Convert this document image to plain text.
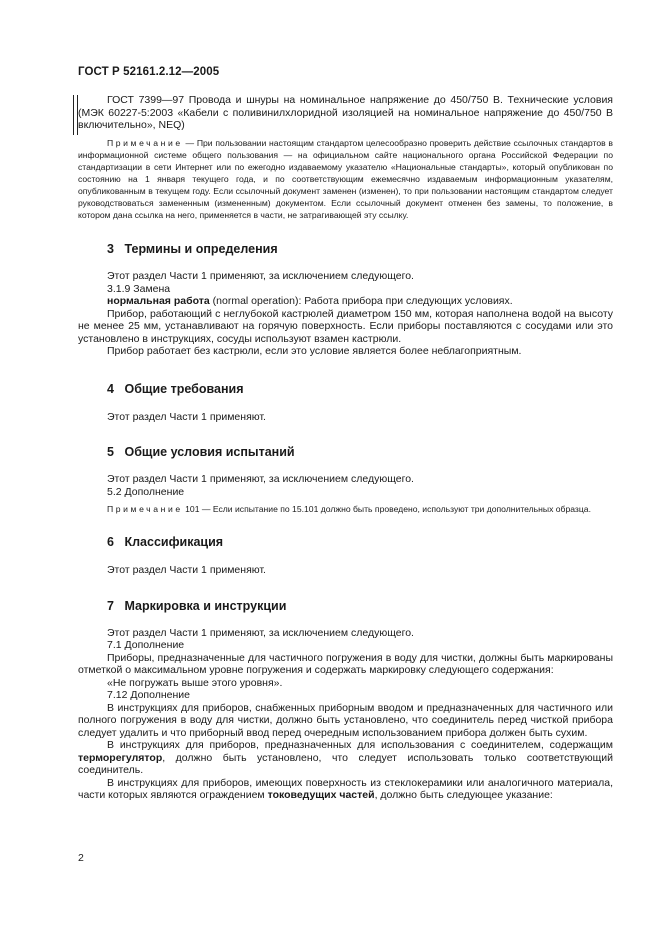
ГОСТ Р 52161.2.12—2005

ГОСТ 7399—97 Провода и шнуры на номинальное напряжение до 450/750 В. Технические условия (МЭК 60227-5:2003 «Кабели с поливинилхлоридной изоляцией на номинальное напряжение до 450/750 В включительно», NEQ)

Примечание — При пользовании настоящим стандартом целесообразно проверить действие ссылочных стандартов в информационной системе общего пользования — на официальном сайте национального органа Российской Федерации по стандартизации в сети Интернет или по ежегодно издаваемому указателю «Национальные стандарты», который опубликован по состоянию на 1 января текущего года, и по соответствующим ежемесячно издаваемым информационным указателям, опубликованным в текущем году. Если ссылочный документ заменен (изменен), то при пользовании настоящим стандартом следует руководствоваться замененным (измененным) документом. Если ссылочный документ отменен без замены, то положение, в котором дана ссылка на него, применяется в части, не затрагивающей эту ссылку.

3 Термины и определения

Этот раздел Части 1 применяют, за исключением следующего.

3.1.9 Замена

нормальная работа (normal operation): Работа прибора при следующих условиях.

Прибор, работающий с неглубокой кастрюлей диаметром 150 мм, которая наполнена водой на высоту не менее 25 мм, устанавливают на горячую поверхность. Если приборы поставляются с сосудами или это установлено в инструкциях, сосуды используют взамен кастрюли.

Прибор работает без кастрюли, если это условие является более неблагоприятным.

4 Общие требования

Этот раздел Части 1 применяют.

5 Общие условия испытаний

Этот раздел Части 1 применяют, за исключением следующего.

5.2 Дополнение

Примечание 101 — Если испытание по 15.101 должно быть проведено, используют три дополнительных образца.

6 Классификация

Этот раздел Части 1 применяют.

7 Маркировка и инструкции

Этот раздел Части 1 применяют, за исключением следующего.

7.1 Дополнение

Приборы, предназначенные для частичного погружения в воду для чистки, должны быть маркированы отметкой о максимальном уровне погружения и содержать маркировку следующего содержания:

«Не погружать выше этого уровня».

7.12 Дополнение

В инструкциях для приборов, снабженных приборным вводом и предназначенных для частичного или полного погружения в воду для чистки, должно быть установлено, что соединитель перед чисткой прибора следует удалить и что приборный ввод перед очередным использованием прибора должен быть сухим.

В инструкциях для приборов, предназначенных для использования с соединителем, содержащим терморегулятор, должно быть установлено, что следует использовать только соответствующий соединитель.

В инструкциях для приборов, имеющих поверхность из стеклокерамики или аналогичного материала, части которых являются ограждением токоведущих частей, должно быть следующее указание:

2
